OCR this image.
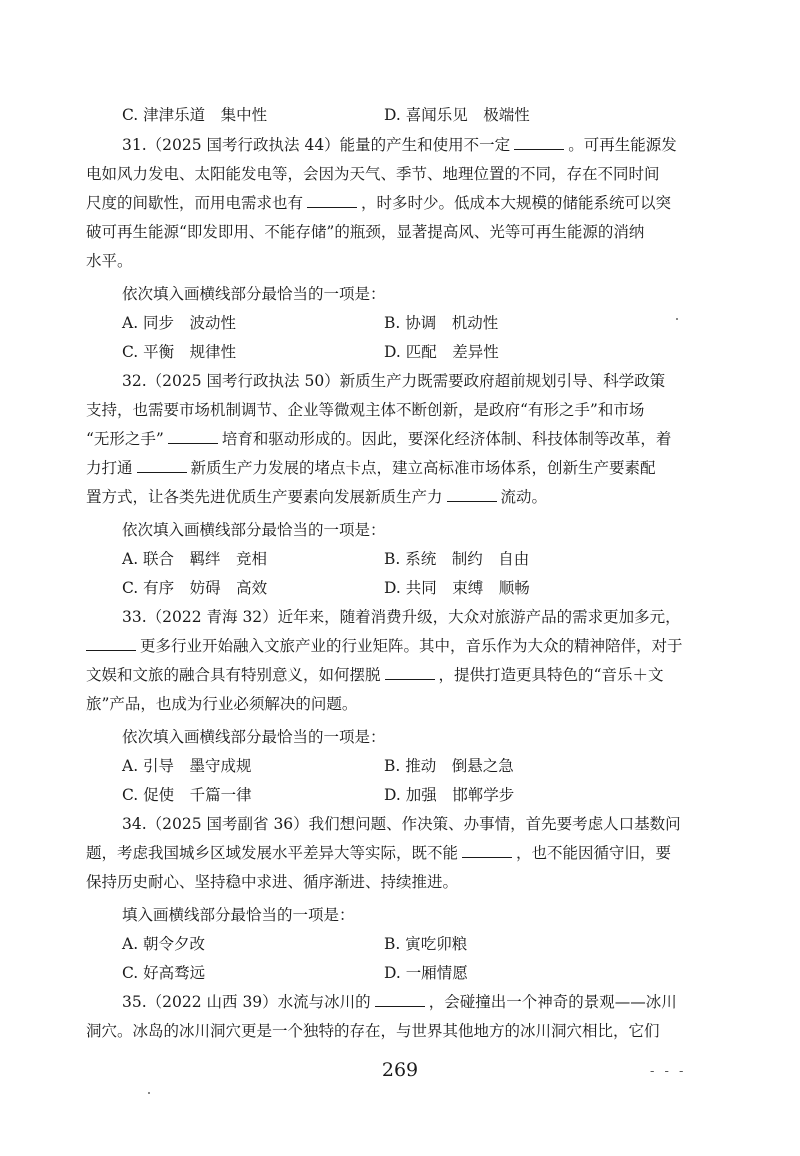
C. 津津乐道　集中性	D. 喜闻乐见　极端性
31.（2025 国考行政执法 44）能量的产生和使用不一定	。可再生能源发
电如风力发电、太阳能发电等，会因为天气、季节、地理位置的不同，存在不同时间
尺度的间歇性，而用电需求也有	，时多时少。低成本大规模的储能系统可以突
破可再生能源“即发即用、不能存储”的瓶颈，显著提高风、光等可再生能源的消纳
水平。
依次填入画横线部分最恰当的一项是：
A. 同步　波动性	B. 协调　机动性
C. 平衡　规律性	D. 匹配　差异性
32.（2025 国考行政执法 50）新质生产力既需要政府超前规划引导、科学政策
支持，也需要市场机制调节、企业等微观主体不断创新，是政府“有形之手”和市场
“无形之手”	培育和驱动形成的。因此，要深化经济体制、科技体制等改革，着
力打通	新质生产力发展的堵点卡点，建立高标准市场体系，创新生产要素配
置方式，让各类先进优质生产要素向发展新质生产力	流动。
依次填入画横线部分最恰当的一项是：
A. 联合　羁绊　竞相	B. 系统　制约　自由
C. 有序　妨碍　高效	D. 共同　束缚　顺畅
33.（2022 青海 32）近年来，随着消费升级，大众对旅游产品的需求更加多元，
更多行业开始融入文旅产业的行业矩阵。其中，音乐作为大众的精神陪伴，对于
文娱和文旅的融合具有特别意义，如何摆脱	，提供打造更具特色的“音乐＋文
旅”产品，也成为行业必须解决的问题。
依次填入画横线部分最恰当的一项是：
A. 引导　墨守成规	B. 推动　倒悬之急
C. 促使　千篇一律	D. 加强　邯郸学步
34.（2025 国考副省 36）我们想问题、作决策、办事情，首先要考虑人口基数问
题，考虑我国城乡区域发展水平差异大等实际，既不能	，也不能因循守旧，要
保持历史耐心、坚持稳中求进、循序渐进、持续推进。
填入画横线部分最恰当的一项是：
A. 朝令夕改	B. 寅吃卯粮
C. 好高骛远	D. 一厢情愿
35.（2022 山西 39）水流与冰川的	，会碰撞出一个神奇的景观——冰川
洞穴。冰岛的冰川洞穴更是一个独特的存在，与世界其他地方的冰川洞穴相比，它们
269	- - -
